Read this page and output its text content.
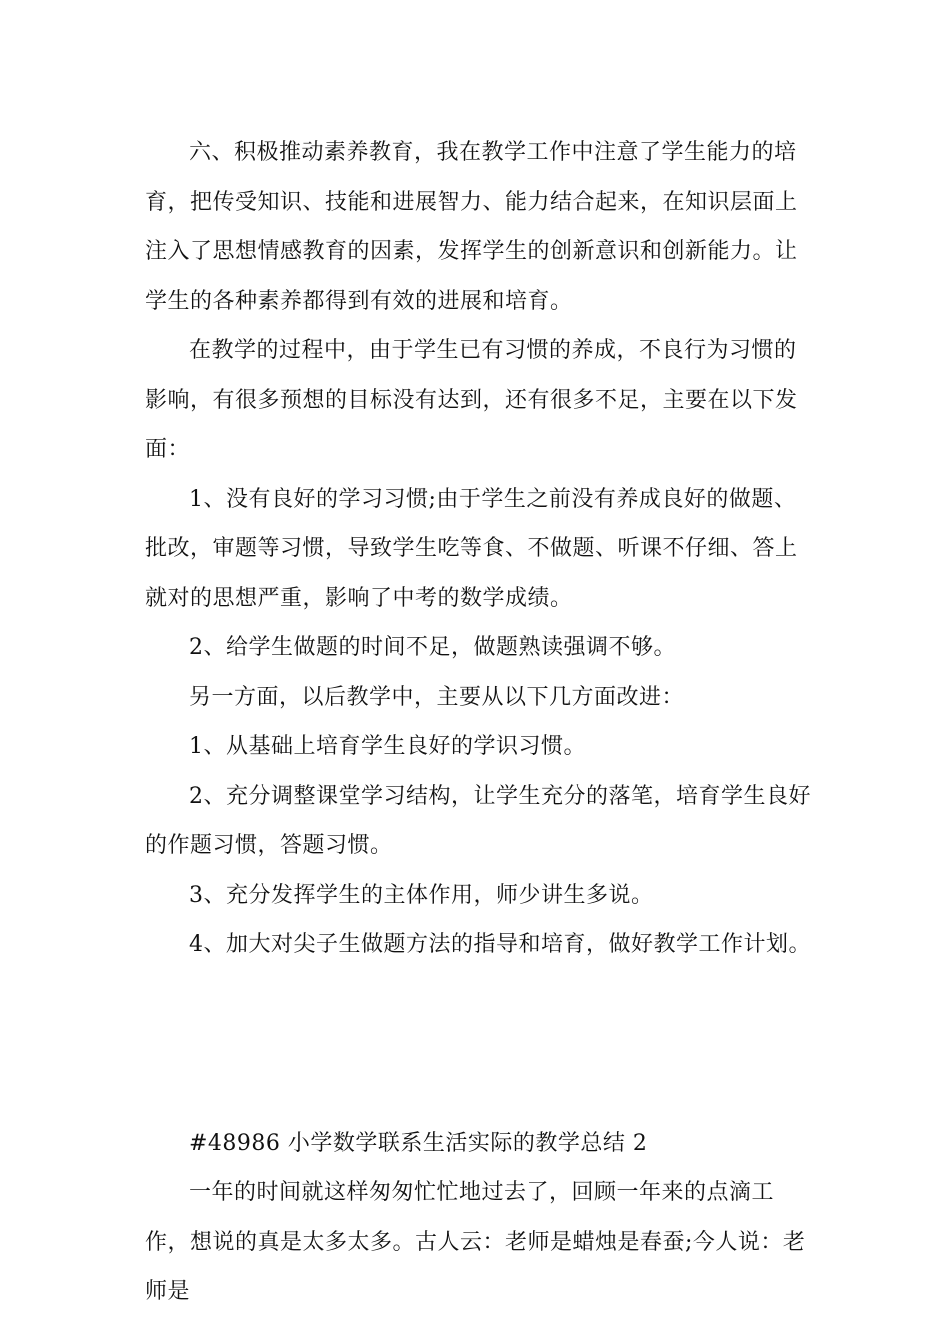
六、积极推动素养教育，我在教学工作中注意了学生能力的培育，把传受知识、技能和进展智力、能力结合起来，在知识层面上注入了思想情感教育的因素，发挥学生的创新意识和创新能力。让学生的各种素养都得到有效的进展和培育。

在教学的过程中，由于学生已有习惯的养成，不良行为习惯的影响，有很多预想的目标没有达到，还有很多不足，主要在以下发面：

1、没有良好的学习习惯;由于学生之前没有养成良好的做题、批改，审题等习惯，导致学生吃等食、不做题、听课不仔细、答上就对的思想严重，影响了中考的数学成绩。

2、给学生做题的时间不足，做题熟读强调不够。

另一方面，以后教学中，主要从以下几方面改进：

1、从基础上培育学生良好的学识习惯。

2、充分调整课堂学习结构，让学生充分的落笔，培育学生良好的作题习惯，答题习惯。

3、充分发挥学生的主体作用，师少讲生多说。

4、加大对尖子生做题方法的指导和培育，做好教学工作计划。

#48986 小学数学联系生活实际的教学总结 2

一年的时间就这样匆匆忙忙地过去了，回顾一年来的点滴工作，想说的真是太多太多。古人云：老师是蜡烛是春蚕;今人说：老师是
